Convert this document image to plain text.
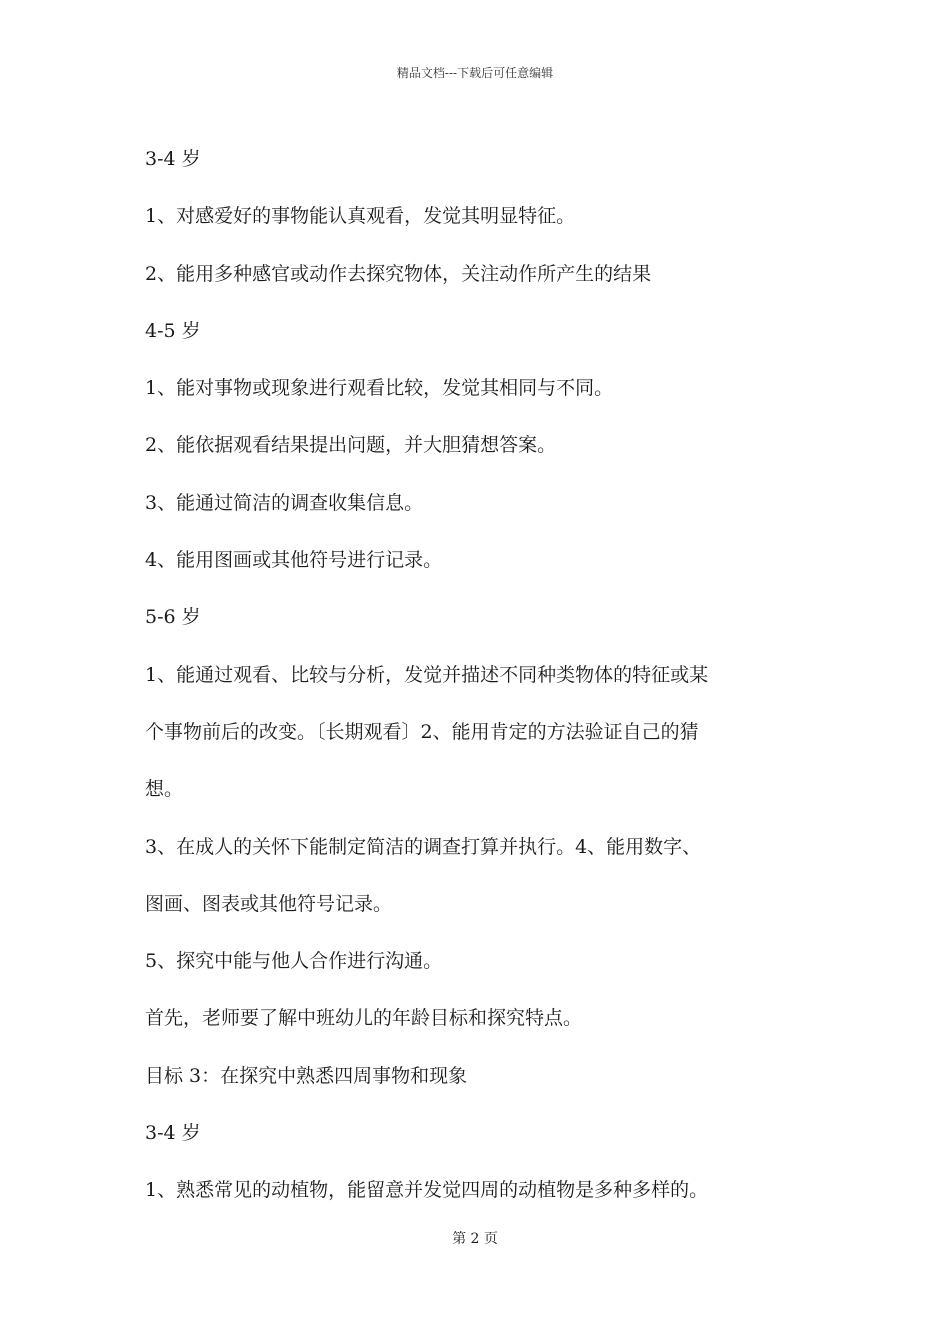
精品文档---下载后可任意编辑
3-4 岁
1、对感爱好的事物能认真观看，发觉其明显特征。
2、能用多种感官或动作去探究物体，关注动作所产生的结果
4-5 岁
1、能对事物或现象进行观看比较，发觉其相同与不同。
2、能依据观看结果提出问题，并大胆猜想答案。
3、能通过简洁的调查收集信息。
4、能用图画或其他符号进行记录。
5-6 岁
1、能通过观看、比较与分析，发觉并描述不同种类物体的特征或某
个事物前后的改变。〔长期观看〕2、能用肯定的方法验证自己的猜
想。
3、在成人的关怀下能制定简洁的调查打算并执行。4、能用数字、
图画、图表或其他符号记录。
5、探究中能与他人合作进行沟通。
首先，老师要了解中班幼儿的年龄目标和探究特点。
目标 3：在探究中熟悉四周事物和现象
3-4 岁
1、熟悉常见的动植物，能留意并发觉四周的动植物是多种多样的。
第 2 页
